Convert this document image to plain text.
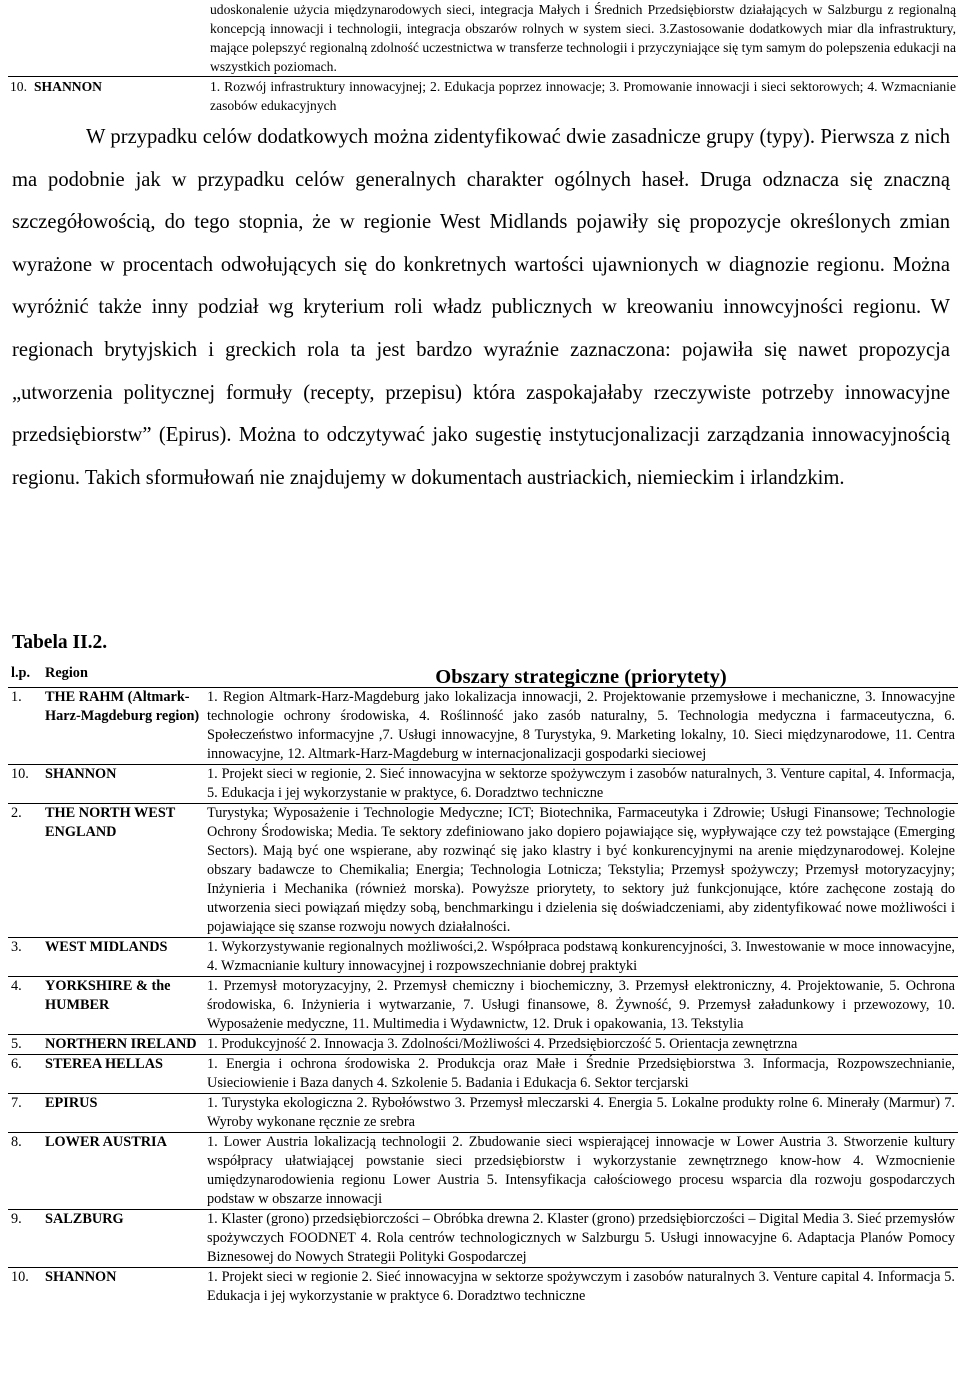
		udoskonalenie użycia międzynarodowych sieci, integracja Małych i Średnich Przedsiębiorstw działających w Salzburgu z regionalną koncepcją innowacji i technologii, integracja obszarów rolnych w system sieci. 3.Zastosowanie dodatkowych miar dla infrastruktury, mające polepszyć regionalną zdolność uczestnictwa w transferze technologii i przyczyniające się tym samym do polepszenia edukacji na wszystkich poziomach.
10.	SHANNON	1. Rozwój infrastruktury innowacyjnej; 2. Edukacja poprzez innowacje; 3. Promowanie innowacji i sieci sektorowych; 4. Wzmacnianie zasobów edukacyjnych

W przypadku celów dodatkowych można zidentyfikować dwie zasadnicze grupy (typy). Pierwsza z nich ma podobnie jak w przypadku celów generalnych charakter ogólnych haseł. Druga odznacza się znaczną szczegółowością, do tego stopnia, że w regionie West Midlands pojawiły się propozycje określonych zmian wyrażone w procentach odwołujących się do konkretnych wartości ujawnionych w diagnozie regionu. Można wyróżnić także inny podział wg kryterium roli władz publicznych w kreowaniu innowcyjności regionu. W regionach brytyjskich i greckich rola ta jest bardzo wyraźnie zaznaczona: pojawiła się nawet propozycja „utworzenia politycznej formuły (recepty, przepisu) która zaspokajałaby rzeczywiste potrzeby innowacyjne przedsiębiorstw” (Epirus). Można to odczytywać jako sugestię instytucjonalizacji zarządzania innowacyjnością regionu. Takich sformułowań nie znajdujemy w dokumentach austriackich, niemieckim i irlandzkim.

Tabela II.2.
l.p.	Region	Obszary strategiczne (priorytety)
1.	THE RAHM (Altmark-Harz-Magdeburg region)	1. Region Altmark-Harz-Magdeburg jako lokalizacja innowacji, 2. Projektowanie przemysłowe i mechaniczne, 3. Innowacyjne technologie ochrony środowiska, 4. Roślinność jako zasób naturalny, 5. Technologia medyczna i farmaceutyczna, 6. Społeczeństwo informacyjne ,7. Usługi innowacyjne, 8 Turystyka, 9. Marketing lokalny, 10. Sieci międzynarodowe, 11. Centra innowacyjne, 12. Altmark-Harz-Magdeburg w internacjonalizacji gospodarki sieciowej
10.	SHANNON	1. Projekt sieci w regionie, 2. Sieć innowacyjna w sektorze spożywczym i zasobów naturalnych, 3. Venture capital, 4. Informacja, 5. Edukacja i jej wykorzystanie w praktyce, 6. Doradztwo techniczne
2.	THE NORTH WEST ENGLAND	Turystyka; Wyposażenie i Technologie Medyczne; ICT; Biotechnika, Farmaceutyka i Zdrowie; Usługi Finansowe; Technologie Ochrony Środowiska; Media. Te sektory zdefiniowano jako dopiero pojawiające się, wypływające czy też powstające (Emerging Sectors). Mają być one wspierane, aby rozwinąć się jako klastry i być konkurencyjnymi na arenie międzynarodowej. Kolejne obszary badawcze to Chemikalia; Energia; Technologia Lotnicza; Tekstylia; Przemysł spożywczy; Przemysł motoryzacyjny; Inżynieria i Mechanika (również morska). Powyższe priorytety, to sektory już funkcjonujące, które zachęcone zostają do utworzenia sieci powiązań między sobą, benchmarkingu i dzielenia się doświadczeniami, aby zidentyfikować nowe możliwości i pojawiające się szanse rozwoju nowych działalności.
3.	WEST MIDLANDS	1. Wykorzystywanie regionalnych możliwości,2. Współpraca podstawą konkurencyjności, 3. Inwestowanie w moce innowacyjne, 4. Wzmacnianie kultury innowacyjnej i rozpowszechnianie dobrej praktyki
4.	YORKSHIRE & the HUMBER	1. Przemysł motoryzacyjny, 2. Przemysł chemiczny i biochemiczny, 3. Przemysł elektroniczny, 4. Projektowanie, 5. Ochrona środowiska, 6. Inżynieria i wytwarzanie, 7. Usługi finansowe, 8. Żywność, 9. Przemysł załadunkowy i przewozowy, 10. Wyposażenie medyczne, 11. Multimedia i Wydawnictw, 12. Druk i opakowania, 13. Tekstylia
5.	NORTHERN IRELAND	1. Produkcyjność 2. Innowacja 3. Zdolności/Możliwości 4. Przedsiębiorczość 5. Orientacja zewnętrzna
6.	STEREA HELLAS	1. Energia i ochrona środowiska 2. Produkcja oraz Małe i Średnie Przedsiębiorstwa 3. Informacja, Rozpowszechnianie, Usieciowienie i Baza danych 4. Szkolenie 5. Badania i Edukacja 6. Sektor tercjarski
7.	EPIRUS	1. Turystyka ekologiczna 2. Rybołówstwo 3. Przemysł mleczarski 4. Energia 5. Lokalne produkty rolne 6. Minerały (Marmur) 7. Wyroby wykonane ręcznie ze srebra
8.	LOWER AUSTRIA	1. Lower Austria lokalizacją technologii 2. Zbudowanie sieci wspierającej innowacje w Lower Austria 3. Stworzenie kultury współpracy ułatwiającej powstanie sieci przedsiębiorstw i wykorzystanie zewnętrznego know-how 4. Wzmocnienie umiędzynarodowienia regionu Lower Austria 5. Intensyfikacja całościowego procesu wsparcia dla rozwoju gospodarczych podstaw w obszarze innowacji
9.	SALZBURG	1. Klaster (grono) przedsiębiorczości – Obróbka drewna 2. Klaster (grono) przedsiębiorczości – Digital Media 3. Sieć przemysłów spożywczych FOODNET 4. Rola centrów technologicznych w Salzburgu 5. Usługi innowacyjne 6. Adaptacja Planów Pomocy Biznesowej do Nowych Strategii Polityki Gospodarczej
10.	SHANNON	1. Projekt sieci w regionie 2. Sieć innowacyjna w sektorze spożywczym i zasobów naturalnych 3. Venture capital 4. Informacja 5. Edukacja i jej wykorzystanie w praktyce 6. Doradztwo techniczne
